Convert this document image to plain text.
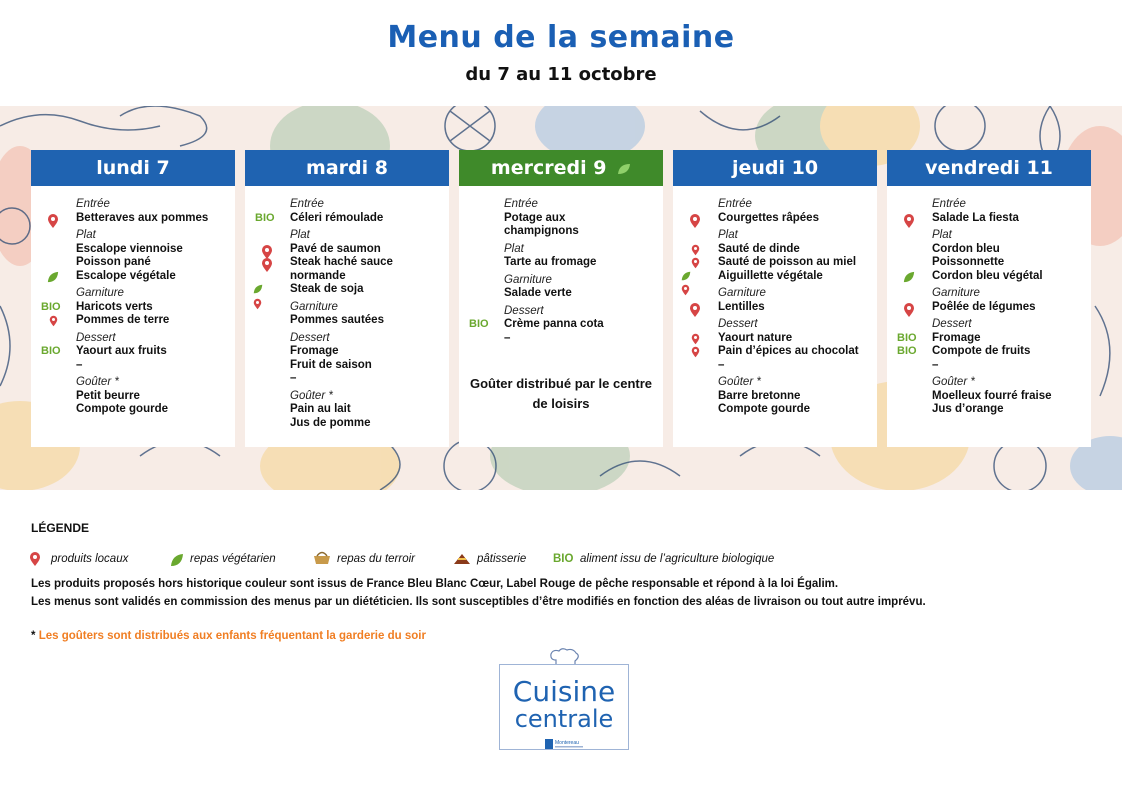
Menu de la semaine
du 7 au 11 octobre
lundi 7
Entrée
Betteraves aux pommes
Plat
Escalope viennoise
Poisson pané
Escalope végétale
Garniture
Haricots verts
BIO
Pommes de terre
Dessert
Yaourt aux fruits
BIO
–
Goûter *
Petit beurre
Compote gourde
mardi 8
Entrée
Céleri rémoulade
BIO
Plat
Pavé de saumon
Steak haché sauce
normande
Steak de soja
Garniture
Pommes sautées
Dessert
Fromage
Fruit de saison
–
Goûter *
Pain au lait
Jus de pomme
mercredi 9
Entrée
Potage aux
champignons
Plat
Tarte au fromage
Garniture
Salade verte
Dessert
Crème panna cota
BIO
–
Goûter distribué par le centre de loisirs
jeudi 10
Entrée
Courgettes râpées
Plat
Sauté de dinde
Sauté de poisson au miel
Aiguillette végétale
Garniture
Lentilles
Dessert
Yaourt nature
Pain d’épices au chocolat
–
Goûter *
Barre bretonne
Compote gourde
vendredi 11
Entrée
Salade La fiesta
Plat
Cordon bleu
Poissonnette
Cordon bleu végétal
Garniture
Poêlée de légumes
Dessert
Fromage
BIO
Compote de fruits
BIO
–
Goûter *
Moelleux fourré fraise
Jus d’orange
LÉGENDE
produits locaux	repas végétarien	repas du terroir	pâtisserie BIO aliment issu de l’agriculture biologique
Les produits proposés hors historique couleur sont issus de France Bleu Blanc Cœur, Label Rouge de pêche responsable et répond à la loi Égalim.
Les menus sont validés en commission des menus par un diététicien. Ils sont susceptibles d’être modifiés en fonction des aléas de livraison ou tout autre imprévu.
* Les goûters sont distribués aux enfants fréquentant la garderie du soir
Cuisine
centrale
Montereau
